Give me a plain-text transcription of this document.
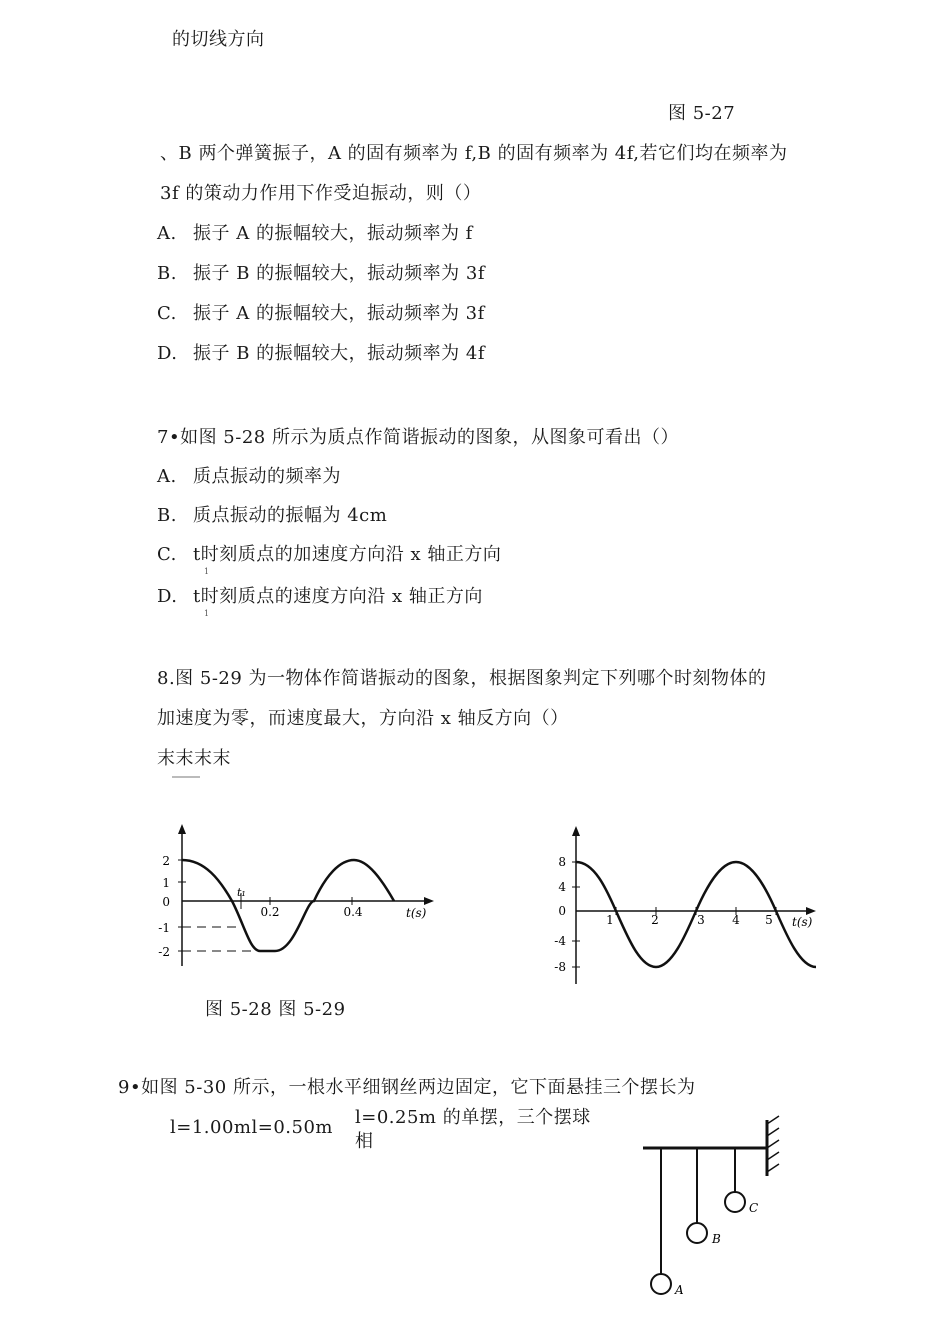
的切线方向
图 5-27
、B 两个弹簧振子，A 的固有频率为 f,B 的固有频率为 4f,若它们均在频率为
3f 的策动力作用下作受迫振动，则（）
A. 振子 A 的振幅较大，振动频率为 f
B. 振子 B 的振幅较大，振动频率为 3f
C. 振子 A 的振幅较大，振动频率为 3f
D. 振子 B 的振幅较大，振动频率为 4f
7•如图 5-28 所示为质点作简谐振动的图象，从图象可看出（）
A. 质点振动的频率为
B. 质点振动的振幅为 4cm
C. t时刻质点的加速度方向沿 x 轴正方向
1
D. t时刻质点的速度方向沿 x 轴正方向
1
8.图 5-29 为一物体作简谐振动的图象，根据图象判定下列哪个时刻物体的
加速度为零，而速度最大，方向沿 x 轴反方向（）
末末末末
2
1
0
-1
-2
0.2	0.4	t(s)
t₁
8
4
0
-4
-8
1	2	3 4 5 t(s)
图 5-28 图 5-29
9•如图 5-30 所示，一根水平细钢丝两边固定，它下面悬挂三个摆长为
l=1.00ml=0.50m l=0.25m 的单摆，三个摆球
相
A
B
C
